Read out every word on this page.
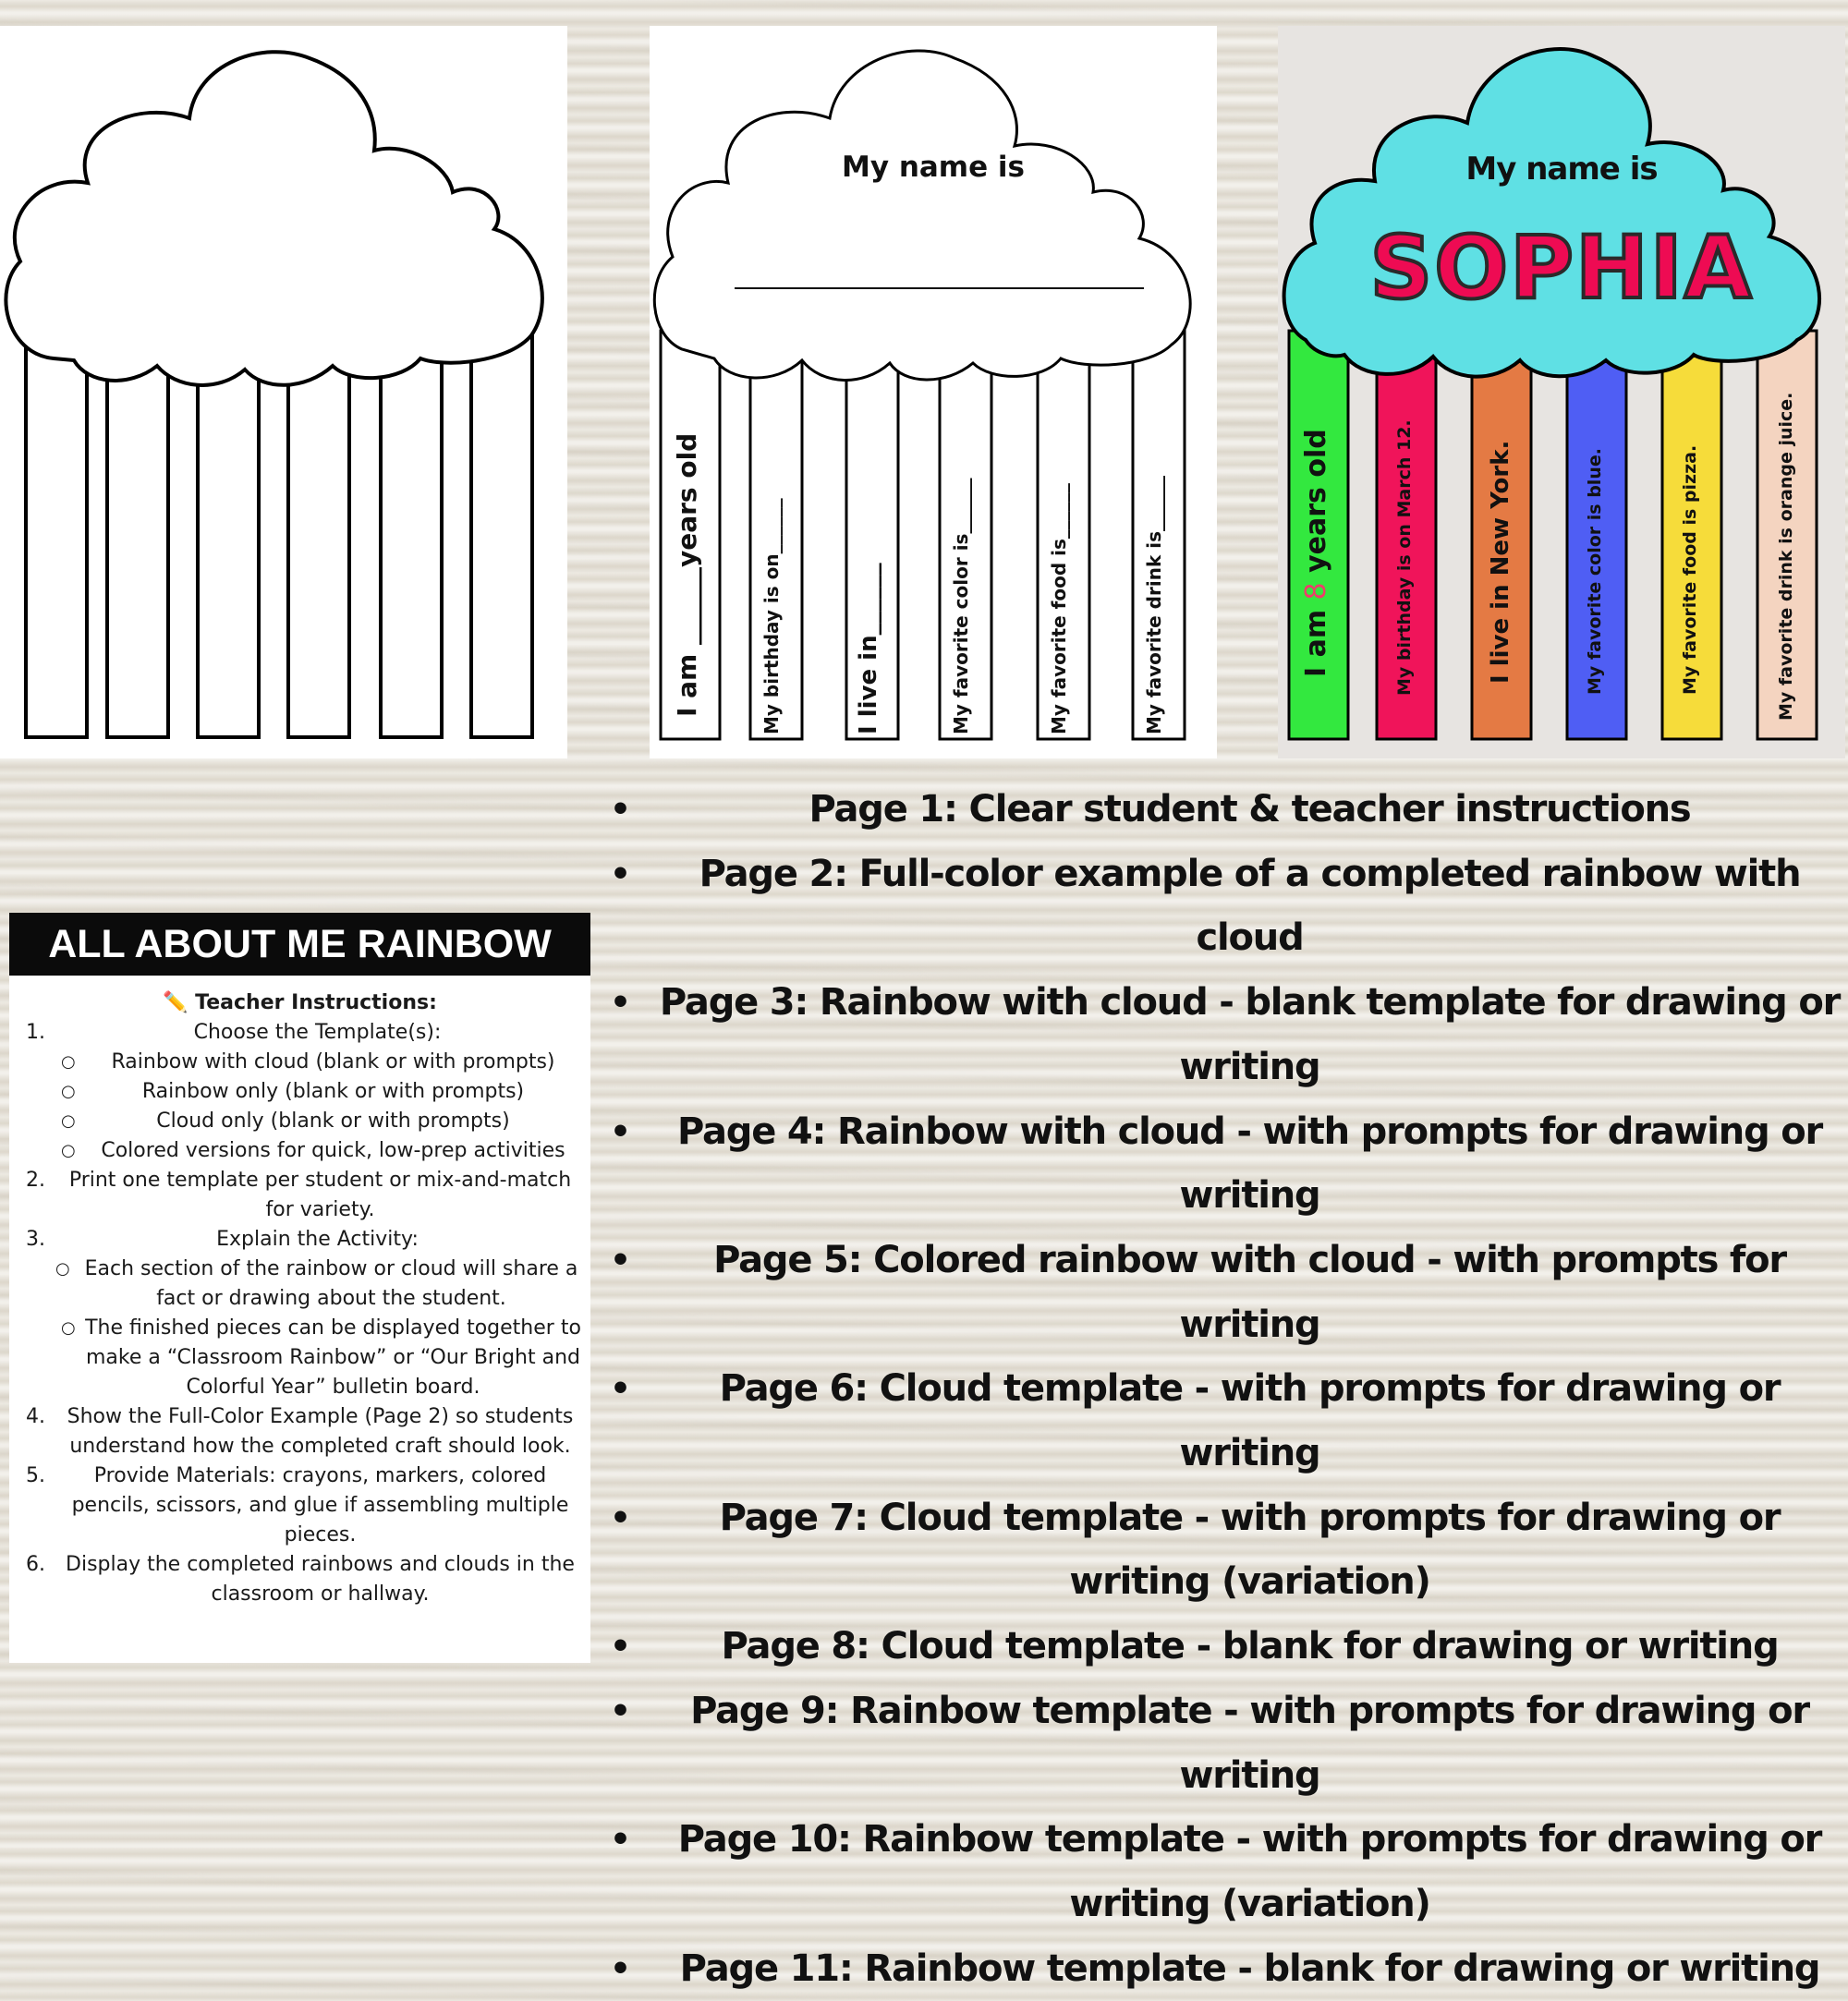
My name is
I am ______years old	My birthday is on______	I live in______	My favorite color is______	My favorite food is______	My favorite drink is______
My name is
SOPHIA
I am 8 years old	My birthday is on March 12.	I live in New York.	My favorite color is blue.	My favorite food is pizza.	My favorite drink is orange juice.
ALL ABOUT ME RAINBOW
✏️ Teacher Instructions:
1.	Choose the Template(s):
○ Rainbow with cloud (blank or with prompts)
○	Rainbow only (blank or with prompts)
○	Cloud only (blank or with prompts)
○ Colored versions for quick, low-prep activities
2. Print one template per student or mix-and-match for variety.
3.	Explain the Activity:
○ Each section of the rainbow or cloud will share a fact or drawing about the student.
○ The finished pieces can be displayed together to make a “Classroom Rainbow” or “Our Bright and Colorful Year” bulletin board.
4. Show the Full-Color Example (Page 2) so students understand how the completed craft should look.
5. Provide Materials: crayons, markers, colored pencils, scissors, and glue if assembling multiple pieces.
6. Display the completed rainbows and clouds in the classroom or hallway.
•	Page 1: Clear student & teacher instructions
• Page 2: Full-color example of a completed rainbow with cloud
• Page 3: Rainbow with cloud - blank template for drawing or writing
• Page 4: Rainbow with cloud - with prompts for drawing or writing
• Page 5: Colored rainbow with cloud - with prompts for writing
• Page 6: Cloud template - with prompts for drawing or writing
• Page 7: Cloud template - with prompts for drawing or writing (variation)
• Page 8: Cloud template - blank for drawing or writing
• Page 9: Rainbow template - with prompts for drawing or writing
• Page 10: Rainbow template - with prompts for drawing or writing (variation)
• Page 11: Rainbow template - blank for drawing or writing
